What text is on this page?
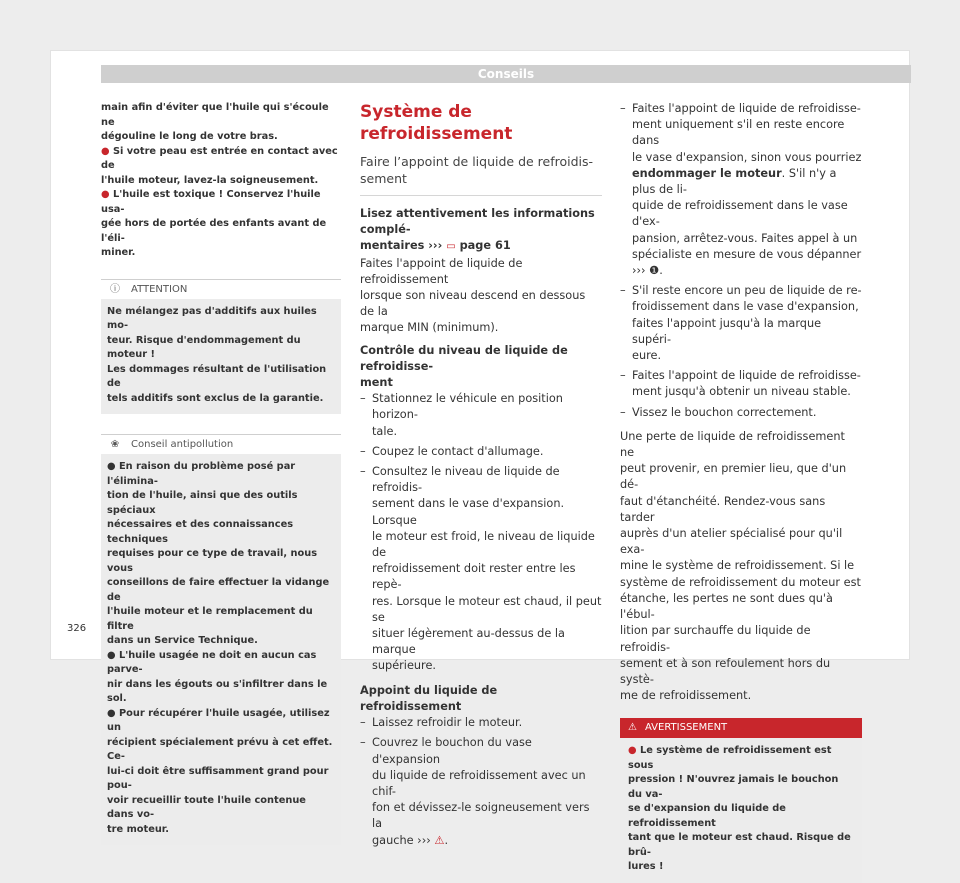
Conseils
main afin d'éviter que l'huile qui s'écoule ne
dégouline le long de votre bras.
● Si votre peau est entrée en contact avec de
l'huile moteur, lavez-la soigneusement.
● L'huile est toxique ! Conservez l'huile usa-
gée hors de portée des enfants avant de l'éli-
miner.
ⓘ ATTENTION
Ne mélangez pas d'additifs aux huiles mo-
teur. Risque d'endommagement du moteur !
Les dommages résultant de l'utilisation de
tels additifs sont exclus de la garantie.
❀ Conseil antipollution
● En raison du problème posé par l'élimina-
tion de l'huile, ainsi que des outils spéciaux
nécessaires et des connaissances techniques
requises pour ce type de travail, nous vous
conseillons de faire effectuer la vidange de
l'huile moteur et le remplacement du filtre
dans un Service Technique.
● L'huile usagée ne doit en aucun cas parve-
nir dans les égouts ou s'infiltrer dans le sol.
● Pour récupérer l'huile usagée, utilisez un
récipient spécialement prévu à cet effet. Ce-
lui-ci doit être suffisamment grand pour pou-
voir recueillir toute l'huile contenue dans vo-
tre moteur.
Système de refroidissement
Faire l’appoint de liquide de refroidis-
sement
Lisez attentivement les informations complé-
mentaires ››› ▭ page 61
Faites l'appoint de liquide de refroidissement
lorsque son niveau descend en dessous de la
marque MIN (minimum).
Contrôle du niveau de liquide de refroidisse-
ment
– Stationnez le véhicule en position horizon-
tale.
– Coupez le contact d'allumage.
– Consultez le niveau de liquide de refroidis-
sement dans le vase d'expansion. Lorsque
le moteur est froid, le niveau de liquide de
refroidissement doit rester entre les repè-
res. Lorsque le moteur est chaud, il peut se
situer légèrement au-dessus de la marque
supérieure.
Appoint du liquide de refroidissement
– Laissez refroidir le moteur.
– Couvrez le bouchon du vase d'expansion
du liquide de refroidissement avec un chif-
fon et dévissez-le soigneusement vers la
gauche ››› ⚠.
– Faites l'appoint de liquide de refroidisse-
ment uniquement s'il en reste encore dans
le vase d'expansion, sinon vous pourriez
endommager le moteur. S'il n'y a plus de li-
quide de refroidissement dans le vase d'ex-
pansion, arrêtez-vous. Faites appel à un
spécialiste en mesure de vous dépanner
››› ❶.
– S'il reste encore un peu de liquide de re-
froidissement dans le vase d'expansion,
faites l'appoint jusqu'à la marque supéri-
eure.
– Faites l'appoint de liquide de refroidisse-
ment jusqu'à obtenir un niveau stable.
– Vissez le bouchon correctement.
Une perte de liquide de refroidissement ne
peut provenir, en premier lieu, que d'un dé-
faut d'étanchéité. Rendez-vous sans tarder
auprès d'un atelier spécialisé pour qu'il exa-
mine le système de refroidissement. Si le
système de refroidissement du moteur est
étanche, les pertes ne sont dues qu'à l'ébul-
lition par surchauffe du liquide de refroidis-
sement et à son refoulement hors du systè-
me de refroidissement.
⚠ AVERTISSEMENT
● Le système de refroidissement est sous
pression ! N'ouvrez jamais le bouchon du va-
se d'expansion du liquide de refroidissement
tant que le moteur est chaud. Risque de brû-
lures !
326
